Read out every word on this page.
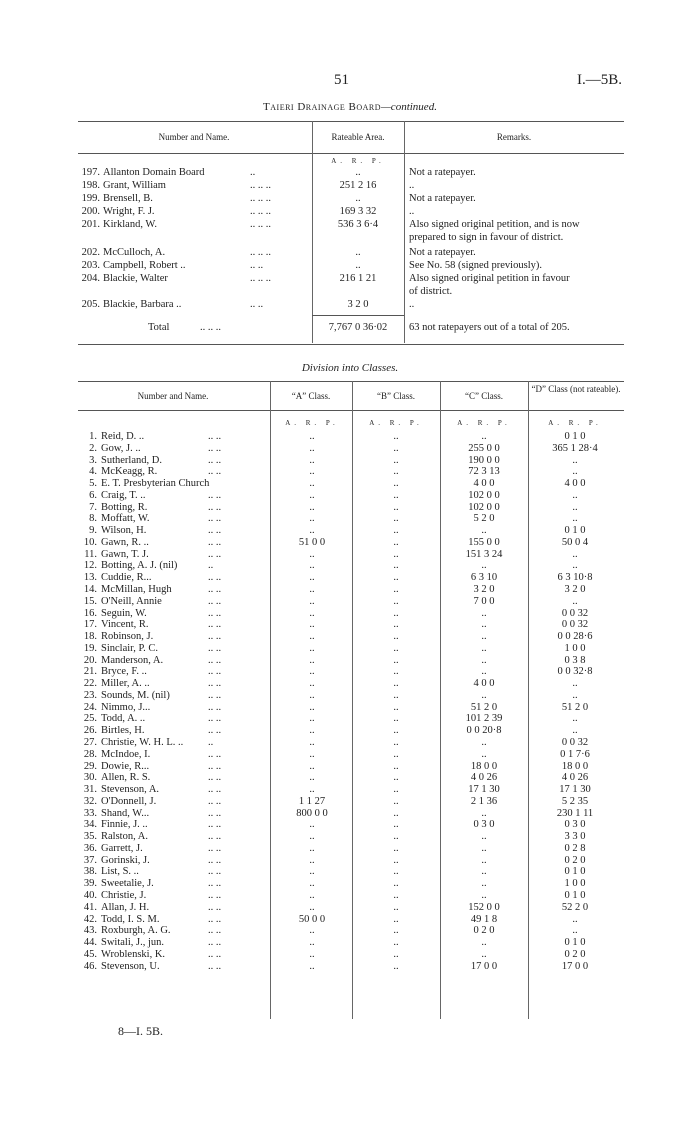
51	I.—5B.
Taieri Drainage Board—continued.
Number and Name.	Rateable Area.	Remarks.
A. R. P.
197. Allanton Domain Board	..	..	Not a ratepayer.
198. Grant, William	.. .. ..	251 2 16	..
199. Brensell, B.	.. .. ..	..	Not a ratepayer.
200. Wright, F. J.	.. .. ..	169 3 32	..
201. Kirkland, W.	.. .. ..	536 3 6·4	Also signed original petition, and is now
prepared to sign in favour of district.
202. McCulloch, A.	.. .. ..	..	Not a ratepayer.
203. Campbell, Robert ..	.. ..	..	See No. 58 (signed previously).
204. Blackie, Walter	.. .. ..	216 1 21	Also signed original petition in favour
of district.
205. Blackie, Barbara ..	.. ..	3 2 0	..
Total	.. .. ..	7,767 0 36·02	63 not ratepayers out of a total of 205.
Division into Classes.
Number and Name.	“A” Class.	“B” Class.	“C” Class.
“D” Class (not rateable).
A. R. P.	A. R. P.	A. R. P.	A. R. P.
1. Reid, D. ..	.. ..	..	..	..	0 1 0
2. Gow, J. ..	.. ..	..	..	255 0 0	365 1 28·4
3. Sutherland, D.	.. ..	..	..	190 0 0	..
4. McKeagg, R.	.. ..	..	..	72 3 13	..
5. E. T. Presbyterian Church	..	..	4 0 0	4 0 0
6. Craig, T. ..	.. ..	..	..	102 0 0	..
7. Botting, R.	.. ..	..	..	102 0 0	..
8. Moffatt, W.	.. ..	..	..	5 2 0	..
9. Wilson, H.	.. ..	..	..	..	0 1 0
10. Gawn, R. ..	.. ..	51 0 0	..	155 0 0	50 0 4
11. Gawn, T. J.	.. ..	..	..	151 3 24	..
12. Botting, A. J. (nil)	..	..	..	..	..
13. Cuddie, R...	.. ..	..	..	6 3 10	6 3 10·8
14. McMillan, Hugh	.. ..	..	..	3 2 0	3 2 0
15. O'Neill, Annie	.. ..	..	..	7 0 0	..
16. Seguin, W.	.. ..	..	..	..	0 0 32
17. Vincent, R.	.. ..	..	..	..	0 0 32
18. Robinson, J.	.. ..	..	..	..	0 0 28·6
19. Sinclair, P. C.	.. ..	..	..	..	1 0 0
20. Manderson, A.	.. ..	..	..	..	0 3 8
21. Bryce, F. ..	.. ..	..	..	..	0 0 32·8
22. Miller, A. ..	.. ..	..	..	4 0 0	..
23. Sounds, M. (nil)	.. ..	..	..	..	..
24. Nimmo, J...	.. ..	..	..	51 2 0	51 2 0
25. Todd, A. ..	.. ..	..	..	101 2 39	..
26. Birtles, H.	.. ..	..	..	0 0 20·8	..
27. Christie, W. H. L. .. ..	..	..	..	0 0 32
28. McIndoe, I.	.. ..	..	..	..	0 1 7·6
29. Dowie, R...	.. ..	..	..	18 0 0	18 0 0
30. Allen, R. S.	.. ..	..	..	4 0 26	4 0 26
31. Stevenson, A.	.. ..	..	..	17 1 30	17 1 30
32. O'Donnell, J.	.. ..	1 1 27	..	2 1 36	5 2 35
33. Shand, W...	.. ..	800 0 0	..	..	230 1 11
34. Finnie, J. ..	.. ..	..	..	0 3 0	0 3 0
35. Ralston, A.	.. ..	..	..	..	3 3 0
36. Garrett, J.	.. ..	..	..	..	0 2 8
37. Gorinski, J.	.. ..	..	..	..	0 2 0
38. List, S. ..	.. ..	..	..	..	0 1 0
39. Sweetalie, J.	.. ..	..	..	..	1 0 0
40. Christie, J.	.. ..	..	..	..	0 1 0
41. Allan, J. H.	.. ..	..	..	152 0 0	52 2 0
42. Todd, I. S. M.	.. ..	50 0 0	..	49 1 8	..
43. Roxburgh, A. G.	.. ..	..	..	0 2 0	..
44. Switali, J., jun.	.. ..	..	..	..	0 1 0
45. Wroblenski, K.	.. ..	..	..	..	0 2 0
46. Stevenson, U.	.. ..	..	..	17 0 0	17 0 0
8—I. 5B.
